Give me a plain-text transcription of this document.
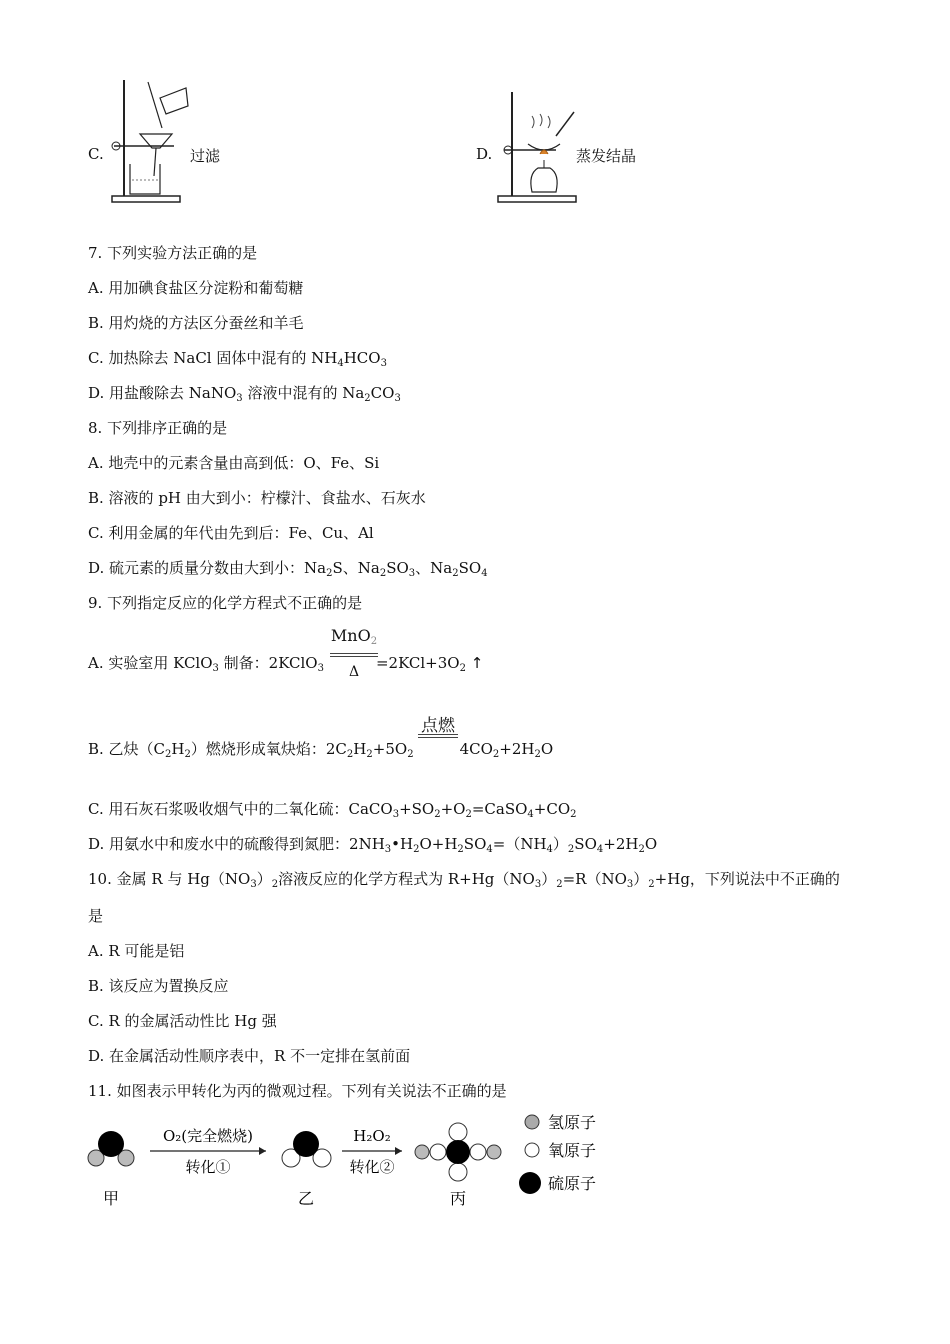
C.	过滤	D.	蒸发结晶
7. 下列实验方法正确的是
A. 用加碘食盐区分淀粉和葡萄糖
B. 用灼烧的方法区分蚕丝和羊毛
C. 加热除去 NaCl 固体中混有的 $NH_4HCO_3$
D. 用盐酸除去 NaNO$_3$ 溶液中混有的 $Na_2CO_3$
8. 下列排序正确的是
A. 地壳中的元素含量由高到低：O、Fe、Si
B. 溶液的 pH 由大到小：柠檬汁、食盐水、石灰水
C. 利用金属的年代由先到后：Fe、Cu、Al
D. 硫元素的质量分数由大到小：$Na_2S$、$Na_2SO_3$、$Na_2SO_4$
9. 下列指定反应的化学方程式不正确的是
A. 实验室用 KClO$_3$ 制备：2KClO$_3$	$=2KCl+3O_2$ ↑
MnO$_2$
Δ
B. 乙炔$(C_2H_2)$燃烧形成氧炔焰：$2C_2H_2+5O_2$	$4CO_2+2H_2O$
点燃
C. 用石灰石浆吸收烟气中的二氧化硫：$CaCO_3+SO_2+O_2=CaSO_4+CO_2$
D. 用氨水中和废水中的硫酸得到氮肥：$2NH_3•H_2O+H_2SO_4=(NH_4)_2SO_4+2H_2O$
10. 金属 R 与 $Hg(NO_3)_2$溶液反应的化学方程式为 $R+Hg(NO_3)_2=R(NO_3)_2+Hg$，下列说法中不正确的
是
A. R 可能是铝
B. 该反应为置换反应
C. R 的金属活动性比 Hg 强
D. 在金属活动性顺序表中，R 不一定排在氢前面
11. 如图表示甲转化为丙的微观过程。下列有关说法不正确的是
甲
O₂(完全燃烧)
转化①
乙
H₂O₂
转化②
丙
氢原子
氧原子
硫原子
